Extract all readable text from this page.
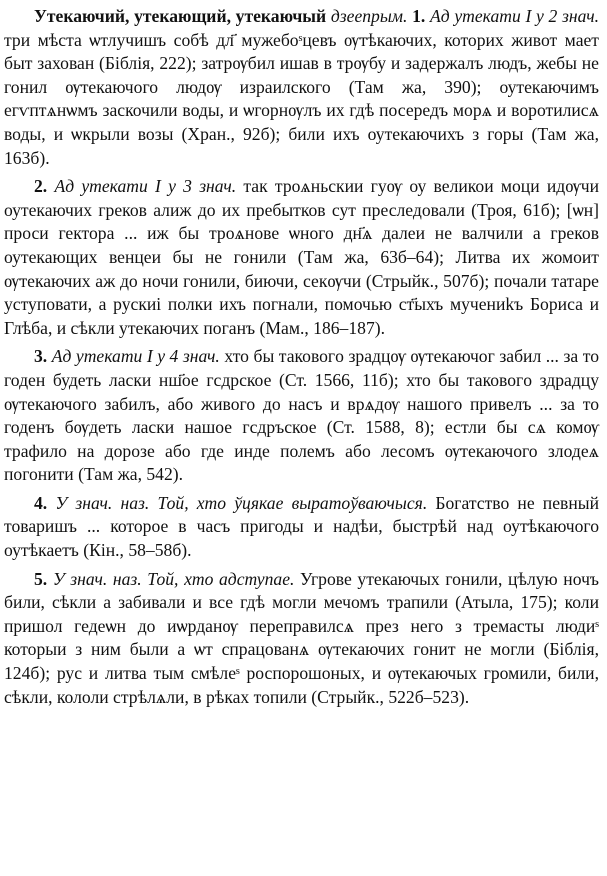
Утекаючий, утекающий, утекаючый дзеeпрым. 1. Ад утекати I у 2 знач. три мѣста ѡтлучишъ собѣ дл҃ мужебоˢцевъ ѹтѣкаючих, которих живот маeт быт захован (Біблія, 222); затрѹбил ишав в трѹбу и задержалъ людъ, жебы не гонил ѹтекаючого людѹ израилского (Там жа, 390); оутекаючимъ егѵптѧнѡмъ заскочили воды, и ѡгорнѹлъ их гдѣ посередъ морѧ и воротилисѧ воды, и ѡкрыли возы (Хран., 92б); били ихъ оутекаючихъ з горы (Там жа, 163б).

2. Ад утекати I у 3 знач. так троѧньскии гуѹ оу великои моци идѹчи оутекаючих греков алиж до их пребытков сут преследовали (Троя, 61б); [ѡн] проси гектора ... иж бы троѧнове ѡного дн҃ѧ далеи не валчили а греков оутекающих венцеи бы не гонили (Там жа, 63б–64); Литва их жомоит ѹтекаючих аж до ночи гонили, биючи, секѹчи (Стрыйк., 507б); почали татаре уступовати, а рускиі полки ихъ погнали, помочью ст҃ыхъ мучениkъ Бориса и Глѣба, и сѣкли утекаючих поганъ (Мам., 186–187).

3. Ад утекати I у 4 знач. хто бы таковогo зрадцѹ ѹтекаючог забил ... за то годен будеть ласки нш҃ое гсдрское (Ст. 1566, 11б); хто бы таковогo здрадцу ѹтекаючого забилъ, або живого до насъ и врѧдѹ нашого привелъ ... за то годенъ бѹдеть ласки нашое гсдръское (Ст. 1588, 8); естли бы сѧ комѹ трафило на дорозе або где инде полемъ або лесомъ ѹтекаючого злодеѧ погонити (Там жа, 542).

4. У знач. наз. Той, хто ўцякае выратоўваючыся. Богатство не певный товаришъ ... которое в часъ пригоды и надѣи, быстрѣй над оутѣкаючого оутѣкаетъ (Кін., 58–58б).

5. У знач. наз. Той, хто адступае. Угрове утекаючых гонили, цѣлую ночъ били, сѣкли а забивали и все гдѣ могли мечомъ трапили (Атыла, 175); коли пришол гедеѡн до иѡрданѹ переправилсѧ през него з тремасты людиˢ которыи з ним были а ѡт спрацованѧ ѹтекаючих гонит не могли (Біблія, 124б); рус и литва тым смѣлеˢ роспорошоных, и ѹтекаючых громили, били, сѣкли, кололи стрѣлѧли, в рѣках топили (Стрыйк., 522б–523).
